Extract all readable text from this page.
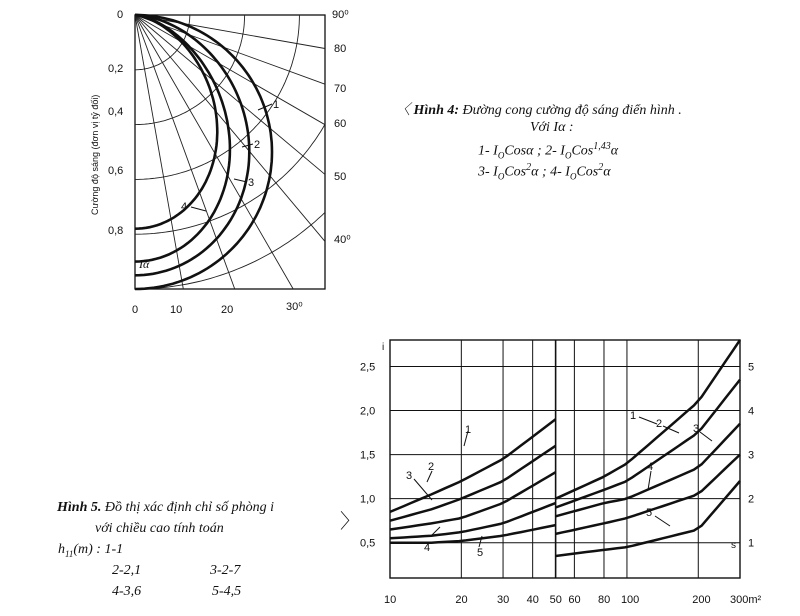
0
0,2
0,4
0,6
0,8
0	10	20	30⁰
90⁰
80
70
60
50
40⁰
Cường độ sáng (đơn vị tỷ đối)
Iα
1
2
3
4
10	20	30 40 50 60 80 100	200 300m²
0,5
1,0
1,5
2,0
2,5
1
2
3
4
5
i
s
1
2
3
4	5
1
2	3
4
5
〈 Hình 4: Đường cong cường độ sáng điển hình .
Với Iα :
1- $I_OCos\alpha$ ; 2- $I_OCos^{1,43}\alpha$
3- $I_OCos^2\alpha$ ; 4- $I_OCos^2\alpha$
Hình 5. Đồ thị xác định chỉ số phòng i
〉
với chiều cao tính toán
$h_{11}(m)$ : 1-1
2-2,1	3-2-7
4-3,6	5-4,5
